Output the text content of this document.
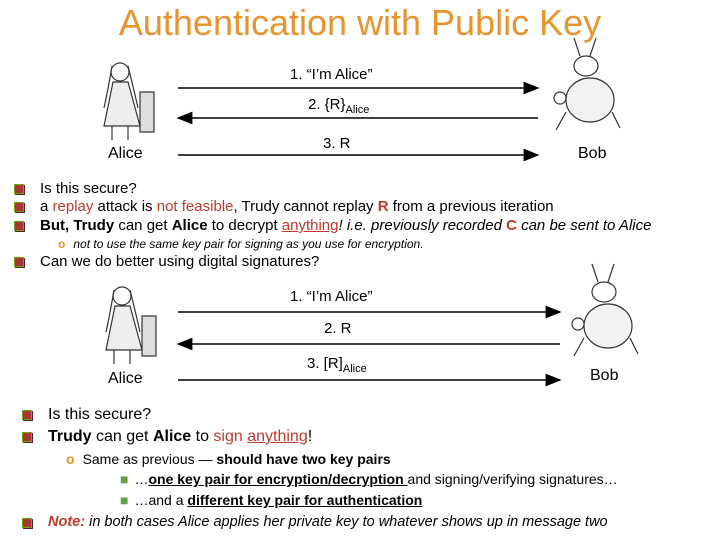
Authentication with Public Key
1. “I’m Alice”
2. $\{R\}_{Alice}$
3. R
Alice	Bob
Is this secure?
a replay attack is not feasible, Trudy cannot replay R from a previous iteration
But, Trudy can get Alice to decrypt anything! i.e. previously recorded C can be sent to Alice
o not to use the same key pair for signing as you use for encryption.
Can we do better using digital signatures?
1. “I’m Alice”
2. R
3. $[R]_{Alice}$
Alice	Bob
Is this secure?
Trudy can get Alice to sign anything!
o Same as previous — should have two key pairs
■ …one key pair for encryption/decryption and signing/verifying signatures…
■ …and a different key pair for authentication
Note: in both cases Alice applies her private key to whatever shows up in message two
